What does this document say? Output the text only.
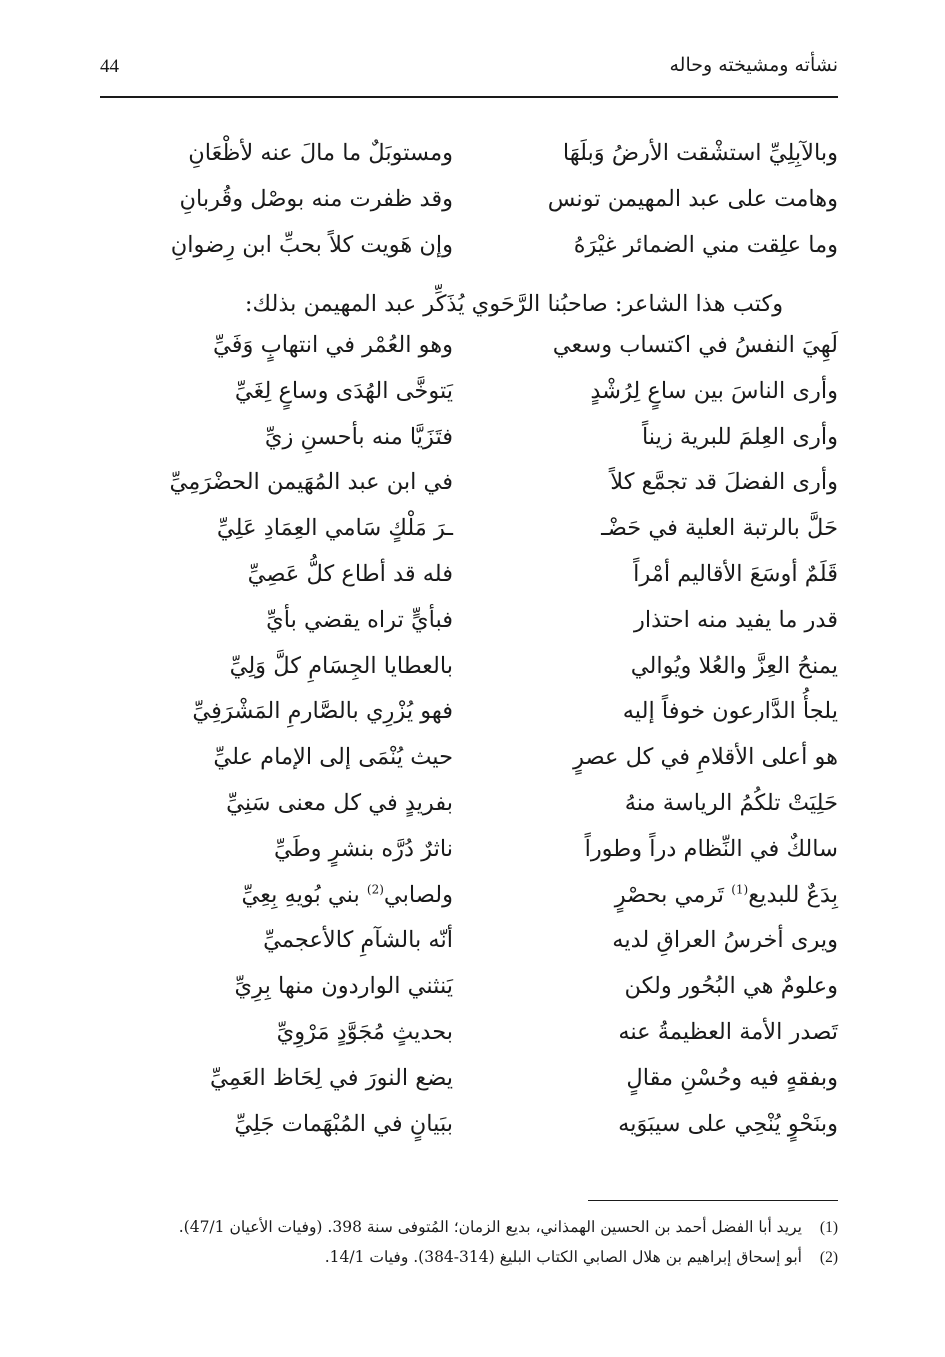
44	نشأته ومشيخته وحاله
وبالآبِلِيِّ استشْقت الأرضُ وَبلَهَا
ومستوبَلٌ ما مالَ عنه لأظْعَانِ
وهامت على عبد المهيمن تونس
وقد ظفرت منه بوصْل وقُربانِ
وما علِقت مني الضمائر غيْرَهُ
وإن هَويت كلاً بحبِّ ابن رِضوانِ
وكتب هذا الشاعر: صاحبُنا الرَّحَوي يُذَكِّر عبد المهيمن بذلك:
لَهِيَ النفسُ في اكتساب وسعي
وهو العُمْر في انتهابٍ وَفَيِّ
وأرى الناسَ بين ساعٍ لِرُشْدٍ
يَتوخَّى الهُدَى وساعٍ لِغَيِّ
وأرى العِلمَ للبرية زيناً
فتَزَيَّا منه بأحسنِ زيِّ
وأرى الفضلَ قد تجمَّع كلاً
في ابن عبد المُهَيمن الحضْرَمِيِّ
حَلَّ بالرتبة العلية في حَضْـ
ـرَ مَلْكٍ سَامي العِمَادِ عَلِيِّ
قَلَمٌ أوسَعَ الأقاليم أمْراً
فله قد أطاع كلُّ عَصِيِّ
قدر ما يفيد منه احتذار
فبأيٍّ تراه يقضي بأيِّ
يمنحُ العِزَّ والعُلا ويُوالي
بالعطايا الجِسَامِ كلَّ وَلِيِّ
يلجأُ الدَّارعون خوفاً إليه
فهو يُزْرِي بالصَّارمِ المَشْرَفِيِّ
هو أعلى الأقلامِ في كل عصرٍ
حيث يُنْمَى إلى الإمام عليِّ
حَلِيَتْ تلكُمُ الرياسة منهُ
بفريدٍ في كل معنى سَنِيِّ
سالكٌ في النِّظام دراً وطوراً
ناثرٌ دُرَّه بنشرٍ وطَيِّ
بِدَعٌ للبديع$^{(1)}$ تَرمي بحصْرٍ
ولصابي$^{(2)}$ بني بُويهِ بِعِيِّ
ويرى أخرسُ العراقِ لديه
أنّه بالشآمِ كالأعجميِّ
وعلومٌ هي البُحُور ولكن
يَنثني الواردون منها بِرِيِّ
تَصدر الأمة العظيمةُ عنه
بحديثٍ مُجَوَّدٍ مَرْوِيِّ
وبفقهٍ فيه وحُسْنِ مقالٍ
يضع النورَ في لِحَاظ العَمِيِّ
وبنَحْوٍ يُنْحِي على سيبَوَيه
ببَيانٍ في المُبْهَمات جَلِيِّ
(1)يريد أبا الفضل أحمد بن الحسين الهمذاني، بديع الزمان؛ المُتوفى سنة 398. (وفيات الأعيان 47/1).
(2)أبو إسحاق إبراهيم بن هلال الصابي الكتاب البليغ (314-384). وفيات 14/1.
